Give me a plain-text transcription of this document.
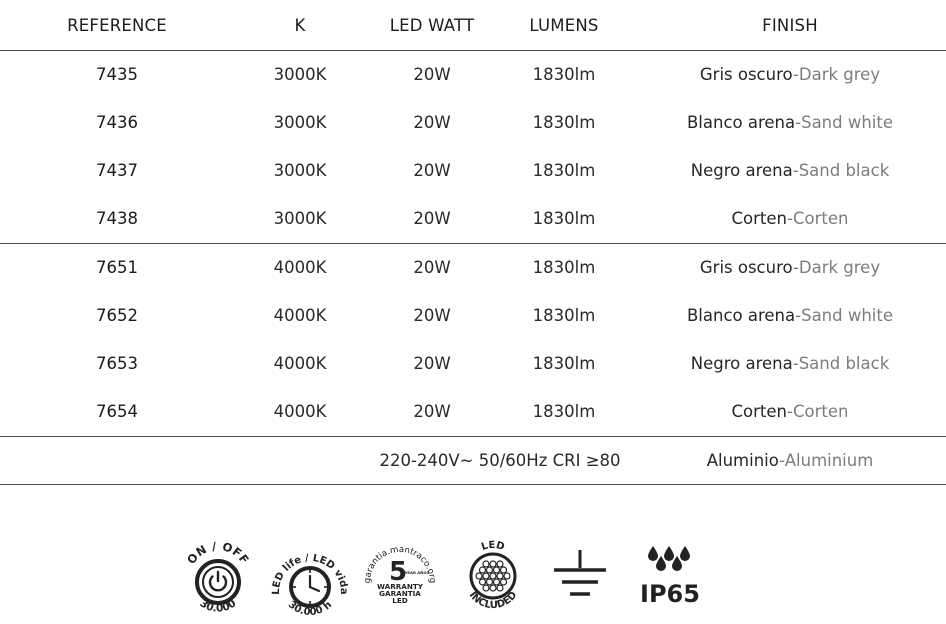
REFERENCE	K	LED WATT	LUMENS	FINISH
7435	3000K	20W	1830lm	Gris oscuro-Dark grey
7436	3000K	20W	1830lm	Blanco arena-Sand white
7437	3000K	20W	1830lm	Negro arena-Sand black
7438	3000K	20W	1830lm	Corten-Corten
7651	4000K	20W	1830lm	Gris oscuro-Dark grey
7652	4000K	20W	1830lm	Blanco arena-Sand white
7653	4000K	20W	1830lm	Negro arena-Sand black
7654	4000K	20W	1830lm	Corten-Corten
220-240V~ 50/60Hz CRI ≥80	Aluminio-Aluminium
ON / OFF
30.000
LED life / LED vida
30.000 h
garantia.mantraco.org
5
YEAR AÑOS
WARRANTY
GARANTÍA
LED
LED
INCLUDED	IP65
